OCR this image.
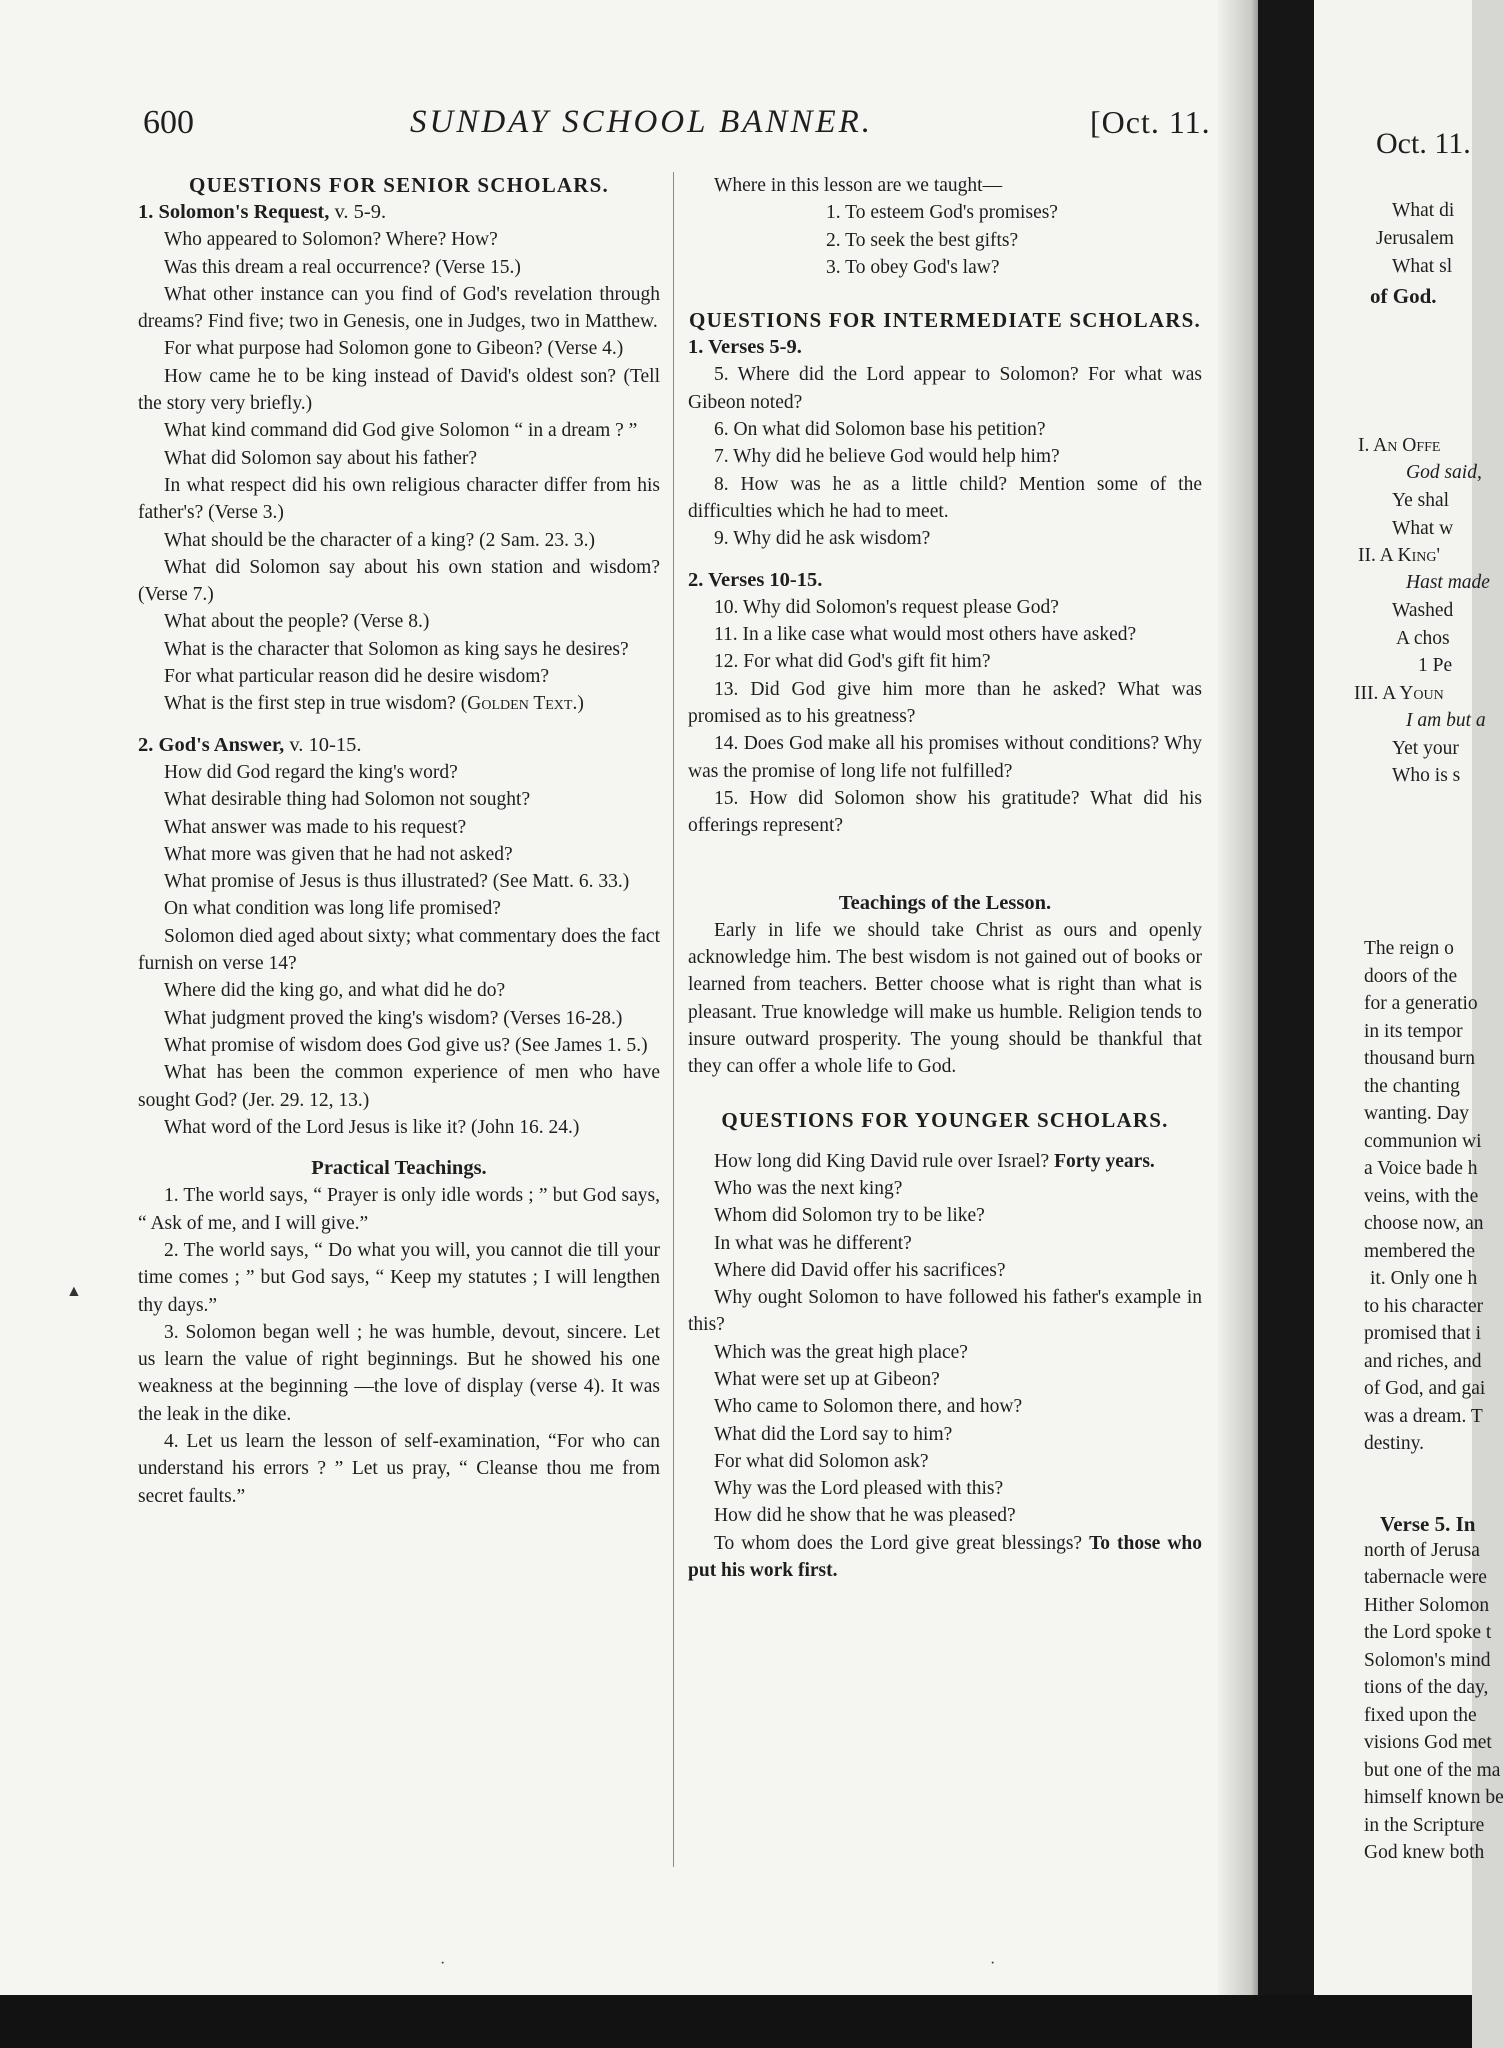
600	SUNDAY SCHOOL BANNER.	[Oct. 11.

QUESTIONS FOR SENIOR SCHOLARS.

1. Solomon's Request, v. 5-9.

Who appeared to Solomon? Where? How?

Was this dream a real occurrence? (Verse 15.)

What other instance can you find of God's revelation through dreams? Find five; two in Genesis, one in Judges, two in Matthew.

For what purpose had Solomon gone to Gibeon? (Verse 4.)

How came he to be king instead of David's oldest son? (Tell the story very briefly.)

What kind command did God give Solomon “ in a dream ? ”

What did Solomon say about his father?

In what respect did his own religious character differ from his father's? (Verse 3.)

What should be the character of a king? (2 Sam. 23. 3.)

What did Solomon say about his own station and wisdom? (Verse 7.)

What about the people? (Verse 8.)

What is the character that Solomon as king says he desires?

For what particular reason did he desire wisdom?

What is the first step in true wisdom? (Golden Text.)

2. God's Answer, v. 10-15.

How did God regard the king's word?

What desirable thing had Solomon not sought?

What answer was made to his request?

What more was given that he had not asked?

What promise of Jesus is thus illustrated? (See Matt. 6. 33.)

On what condition was long life promised?

Solomon died aged about sixty; what commentary does the fact furnish on verse 14?

Where did the king go, and what did he do?

What judgment proved the king's wisdom? (Verses 16-28.)

What promise of wisdom does God give us? (See James 1. 5.)

What has been the common experience of men who have sought God? (Jer. 29. 12, 13.)

What word of the Lord Jesus is like it? (John 16. 24.)

Practical Teachings.

1. The world says, “ Prayer is only idle words ; ” but God says, “ Ask of me, and I will give.”

2. The world says, “ Do what you will, you cannot die till your time comes ; ” but God says, “ Keep my statutes ; I will lengthen thy days.”

3. Solomon began well ; he was humble, devout, sincere. Let us learn the value of right beginnings. But he showed his one weakness at the beginning —the love of display (verse 4). It was the leak in the dike.

4. Let us learn the lesson of self-examination, “For who can understand his errors ? ” Let us pray, “ Cleanse thou me from secret faults.”

Where in this lesson are we taught—

1. To esteem God's promises?

2. To seek the best gifts?

3. To obey God's law?

QUESTIONS FOR INTERMEDIATE SCHOLARS.

1. Verses 5-9.

5. Where did the Lord appear to Solomon? For what was Gibeon noted?

6. On what did Solomon base his petition?

7. Why did he believe God would help him?

8. How was he as a little child? Mention some of the difficulties which he had to meet.

9. Why did he ask wisdom?

2. Verses 10-15.

10. Why did Solomon's request please God?

11. In a like case what would most others have asked?

12. For what did God's gift fit him?

13. Did God give him more than he asked? What was promised as to his greatness?

14. Does God make all his promises without conditions? Why was the promise of long life not fulfilled?

15. How did Solomon show his gratitude? What did his offerings represent?

Teachings of the Lesson.

Early in life we should take Christ as ours and openly acknowledge him. The best wisdom is not gained out of books or learned from teachers. Better choose what is right than what is pleasant. True knowledge will make us humble. Religion tends to insure outward prosperity. The young should be thankful that they can offer a whole life to God.

QUESTIONS FOR YOUNGER SCHOLARS.

How long did King David rule over Israel? Forty years.

Who was the next king?

Whom did Solomon try to be like?

In what was he different?

Where did David offer his sacrifices?

Why ought Solomon to have followed his father's example in this?

Which was the great high place?

What were set up at Gibeon?

Who came to Solomon there, and how?

What did the Lord say to him?

For what did Solomon ask?

Why was the Lord pleased with this?

How did he show that he was pleased?

To whom does the Lord give great blessings? To those who put his work first.

▲
·	·
Oct. 11.
What di
Jerusalem
What sl
of God.
I. An Offe
God said,
Ye shal
What w
II. A King'
Hast made
Washed
A chos
1 Pe
III. A Youn
I am but a
Yet your
Who is s
The reign o
doors of the
for a generatio
in its tempor
thousand burn
the chanting
wanting. Day
communion wi
a Voice bade h
veins, with the
choose now, an
membered the
it. Only one h
to his character
promised that i
and riches, and
of God, and gai
was a dream. T
destiny.
Verse 5. In
north of Jerusa
tabernacle were
Hither Solomon
the Lord spoke t
Solomon's mind
tions of the day,
fixed upon the
visions God met
but one of the ma
himself known be
in the Scripture
God knew both
